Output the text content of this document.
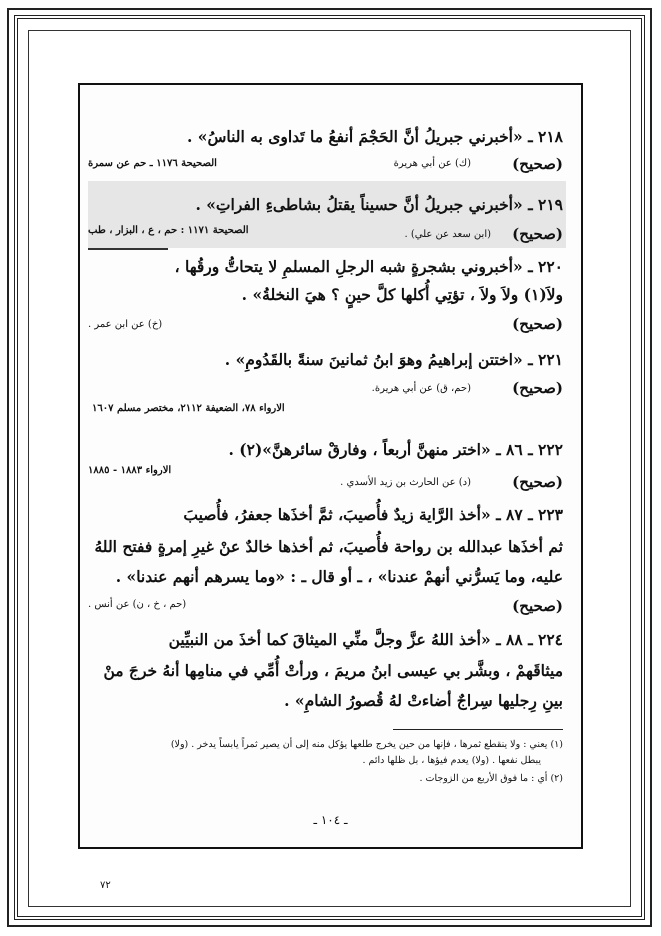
٢١٨ ـ «أخبرني جبريلُ أنَّ الحَجْمَ أنفعُ ما تَداوى به الناسُ» .
(صحيح)
(ك) عن أبي هريرة
الصحيحة ١١٧٦ ـ حم عن سمرة
٢١٩ ـ «أخبرني جبريلُ أنَّ حسيناً يقتلُ بشاطىءِ الفراتِ» .
(صحيح)
(ابن سعد عن علي) .
الصحيحة ١١٧١ : حم ، ع ، البزار ، طب
٢٢٠ ـ «أخبروني بشجرةٍ شبه الرجلِ المسلمِ لا يتحاتُّ ورقُها ،
ولاَ(١) ولاَ ولاَ ، تؤتِي أُكلها كلَّ حينٍ ؟ هيَ النخلةُ» .
(صحيح)
(خ) عن ابن عمر .
٢٢١ ـ «اختتن إبراهيمُ وهوَ ابنُ ثمانينَ سنةً بالقَدُومِ» .
(صحيح)
(حم، ق) عن أبي هريرة.
الارواء ٧٨، الضعيفة ٢١١٢، مختصر مسلم ١٦٠٧
٢٢٢ ـ ٨٦ ـ «اختر منهنَّ أربعاً ، وفارقْ سائرهنَّ»(٢) .
(صحيح)
(د) عن الحارث بن زيد الأسدي .
الارواء ١٨٨٣ - ١٨٨٥
٢٢٣ ـ ٨٧ ـ «أخذ الرَّاية زيدٌ فأُصيبَ، ثمَّ أخذَها جعفرُ، فأُصيبَ
ثم أخذَها عبدالله بن رواحة فأُصيبَ، ثم أخذها خالدٌ عنْ غيرِ إمرةٍ ففتح اللهُ
عليه، وما يَسرُّني أنهمْ عندنا» ، ـ أو قال ـ : «وما يسرهم أنهم عندنا» .
(صحيح)
(حم ، خ ، ن) عن أنس .
٢٢٤ ـ ٨٨ ـ «أخذ اللهُ عزَّ وجلَّ منِّي الميثاقَ كما أخذَ من النبيِّين
ميثاقَهمْ ، وبشَّر بي عيسى ابنُ مريمَ ، ورأتْ أُمِّي في منامِها أنهُ خرجَ منْ
بينِ رِجليها سِراجٌ أضاءتْ لهُ قُصورُ الشامِ» .
(١) يعني : ولا ينقطع ثمرها ، فإنها من حين يخرج طلعها يؤكل منه إلى أن يصير ثمراً يابساً يدخر . (ولا)
يبطل نفعها . (ولا) يعدم فيؤها ، بل ظلها دائم .
(٢) أي : ما فوق الأربع من الزوجات .
ـ ١٠٤ ـ
٧٢
